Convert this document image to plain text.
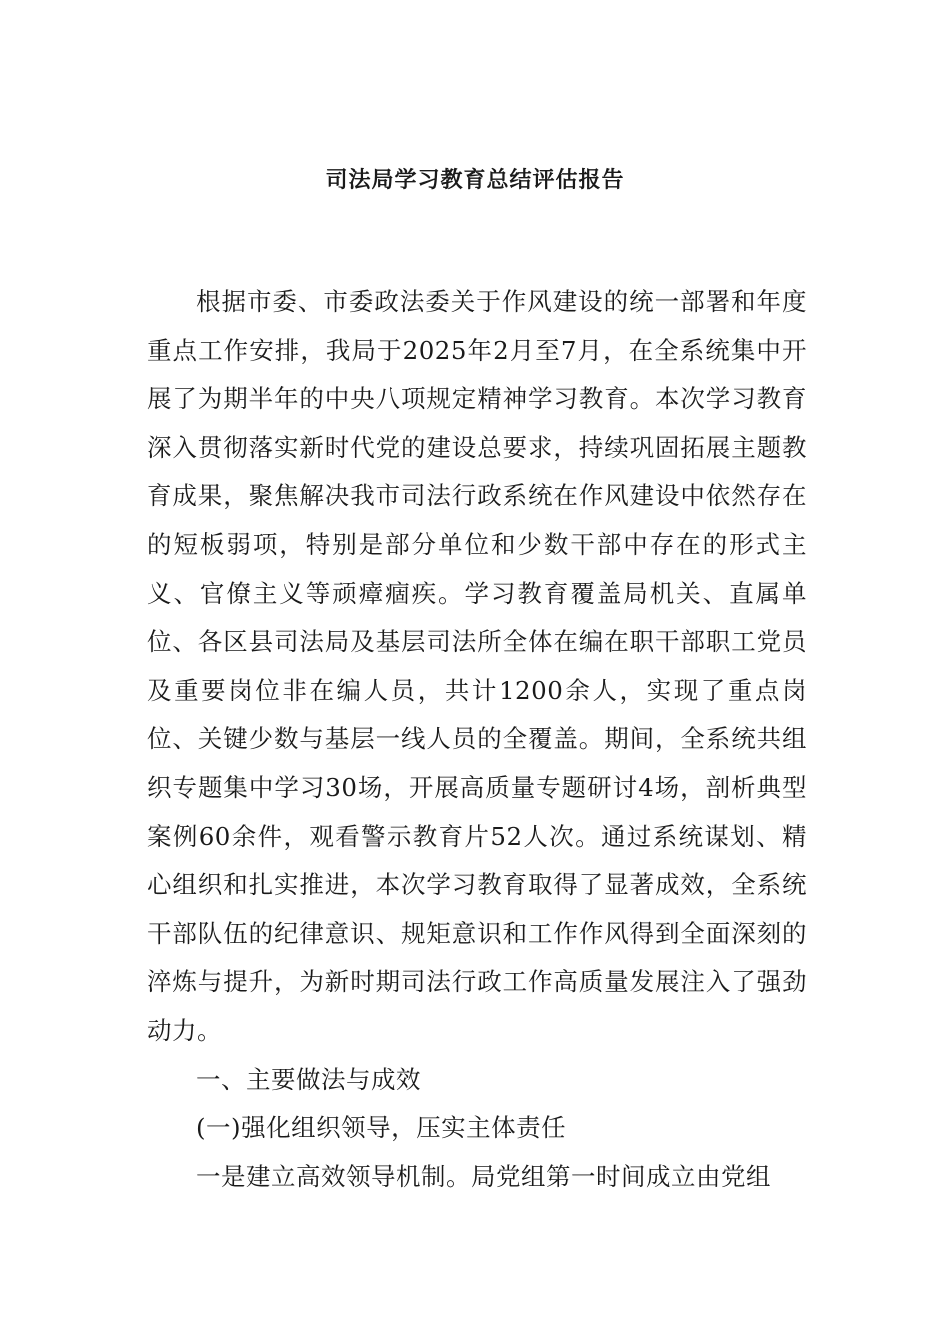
司法局学习教育总结评估报告

根据市委、市委政法委关于作风建设的统一部署和年度重点工作安排，我局于2025年2月至7月，在全系统集中开展了为期半年的中央八项规定精神学习教育。本次学习教育深入贯彻落实新时代党的建设总要求，持续巩固拓展主题教育成果，聚焦解决我市司法行政系统在作风建设中依然存在的短板弱项，特别是部分单位和少数干部中存在的形式主义、官僚主义等顽瘴痼疾。学习教育覆盖局机关、直属单位、各区县司法局及基层司法所全体在编在职干部职工党员及重要岗位非在编人员，共计1200余人，实现了重点岗位、关键少数与基层一线人员的全覆盖。期间，全系统共组织专题集中学习30场，开展高质量专题研讨4场，剖析典型案例60余件，观看警示教育片52人次。通过系统谋划、精心组织和扎实推进，本次学习教育取得了显著成效，全系统干部队伍的纪律意识、规矩意识和工作作风得到全面深刻的淬炼与提升，为新时期司法行政工作高质量发展注入了强劲动力。

一、主要做法与成效

(一)强化组织领导，压实主体责任

一是建立高效领导机制。局党组第一时间成立由党组
